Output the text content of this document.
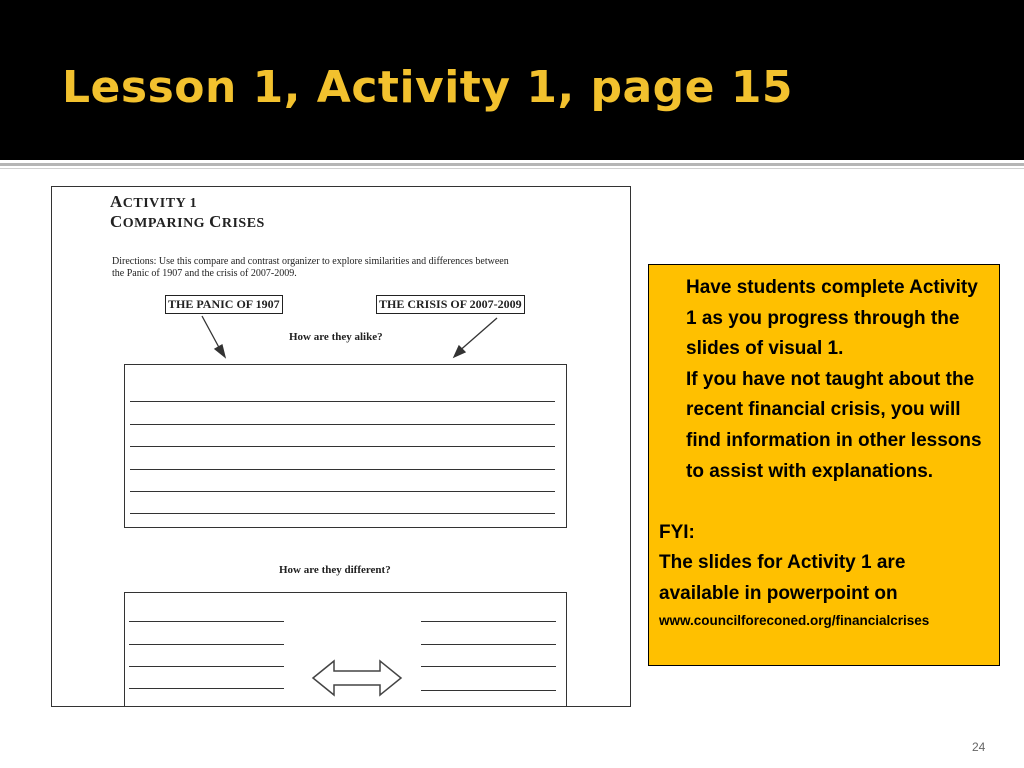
Lesson 1, Activity 1, page 15
ACTIVITY 1
COMPARING CRISES
Directions: Use this compare and contrast organizer to explore similarities and differences between
the Panic of 1907 and the crisis of 2007-2009.
THE PANIC OF 1907	THE CRISIS OF 2007-2009
How are they alike?
How are they different?

Have students complete Activity 1 as you progress through the slides of visual 1.

If you have not taught about the recent financial crisis, you will find information in other lessons to assist with explanations.

FYI:

The slides for Activity 1 are available in powerpoint on

www.councilforeconed.org/financialcrises

24
